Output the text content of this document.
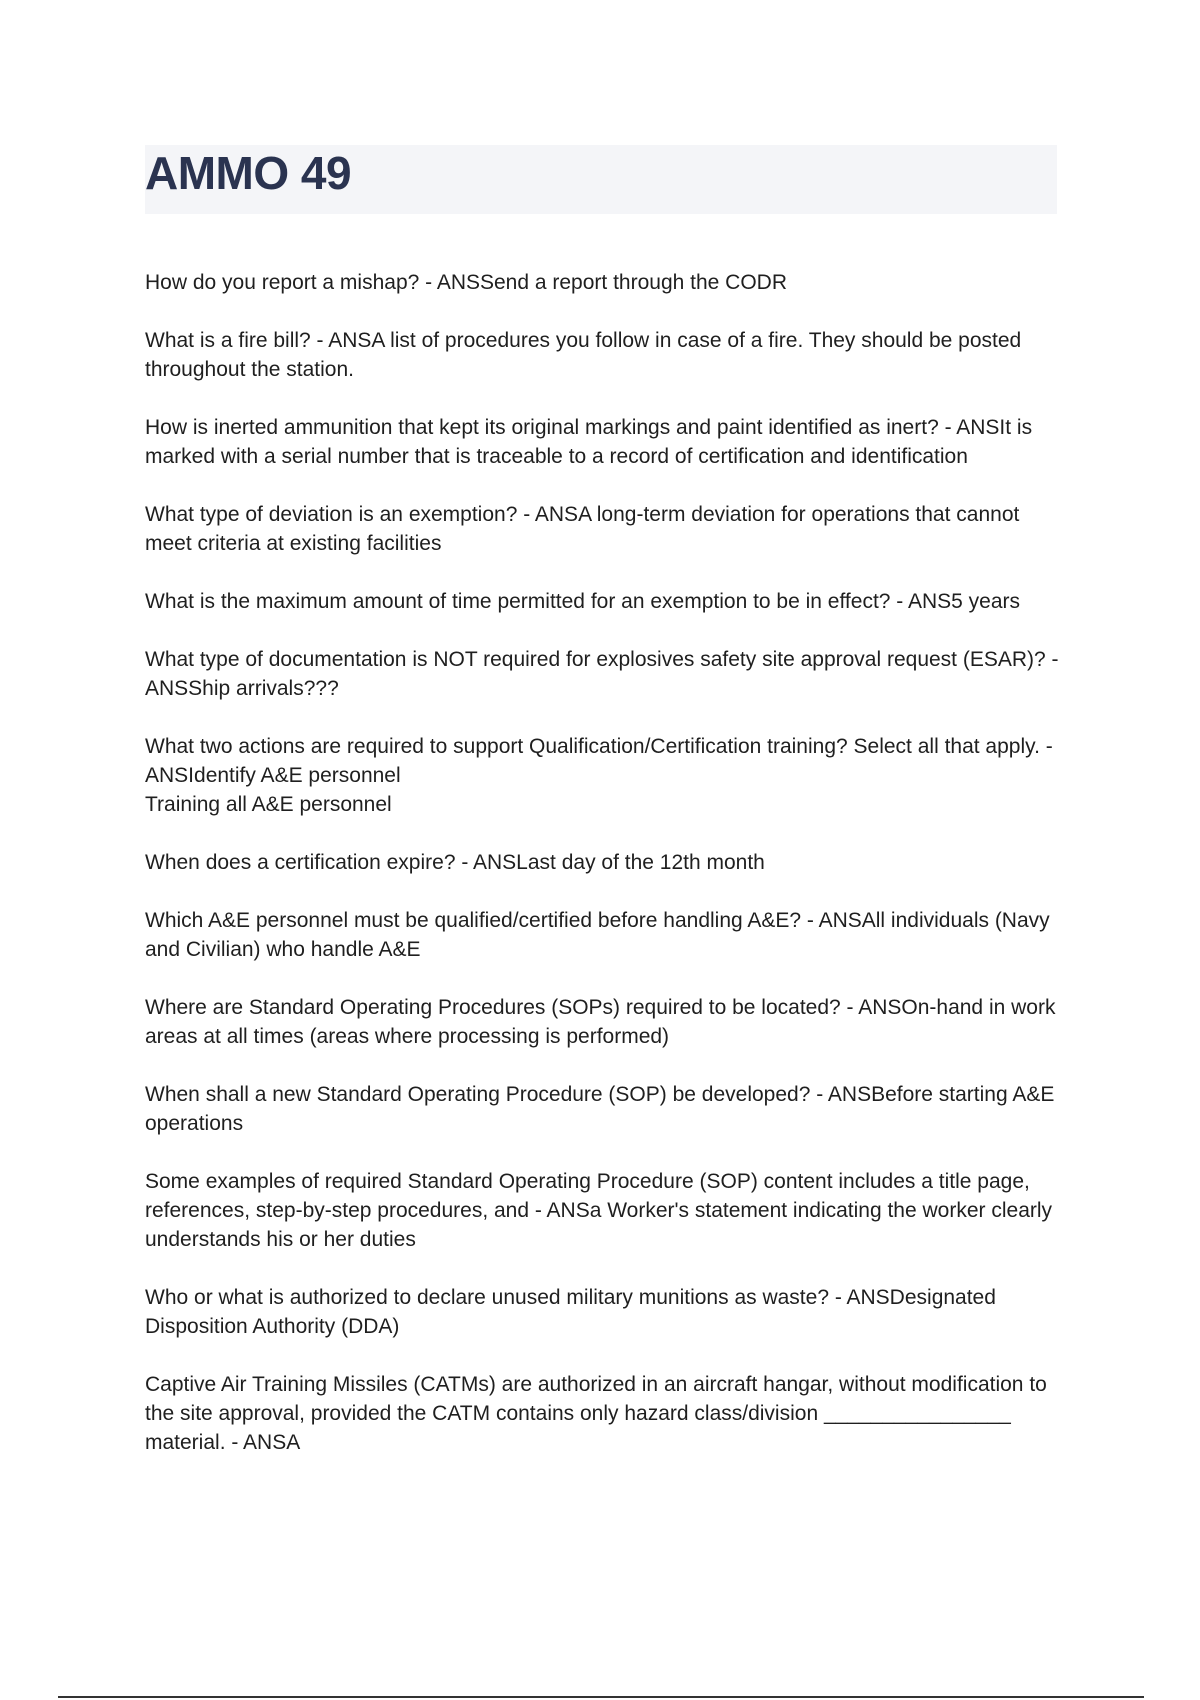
AMMO 49
How do you report a mishap? - ANSSend a report through the CODR
What is a fire bill? - ANSA list of procedures you follow in case of a fire. They should be posted throughout the station.
How is inerted ammunition that kept its original markings and paint identified as inert? - ANSIt is marked with a serial number that is traceable to a record of certification and identification
What type of deviation is an exemption? - ANSA long-term deviation for operations that cannot meet criteria at existing facilities
What is the maximum amount of time permitted for an exemption to be in effect? - ANS5 years
What type of documentation is NOT required for explosives safety site approval request (ESAR)? - ANSShip arrivals???
What two actions are required to support Qualification/Certification training? Select all that apply. - ANSIdentify A&E personnel
Training all A&E personnel
When does a certification expire? - ANSLast day of the 12th month
Which A&E personnel must be qualified/certified before handling A&E? - ANSAll individuals (Navy and Civilian) who handle A&E
Where are Standard Operating Procedures (SOPs) required to be located? - ANSOn-hand in work areas at all times (areas where processing is performed)
When shall a new Standard Operating Procedure (SOP) be developed? - ANSBefore starting A&E operations
Some examples of required Standard Operating Procedure (SOP) content includes a title page, references, step-by-step procedures, and - ANSa Worker's statement indicating the worker clearly understands his or her duties
Who or what is authorized to declare unused military munitions as waste? - ANSDesignated Disposition Authority (DDA)
Captive Air Training Missiles (CATMs) are authorized in an aircraft hangar, without modification to the site approval, provided the CATM contains only hazard class/division ________________ material. - ANSA
